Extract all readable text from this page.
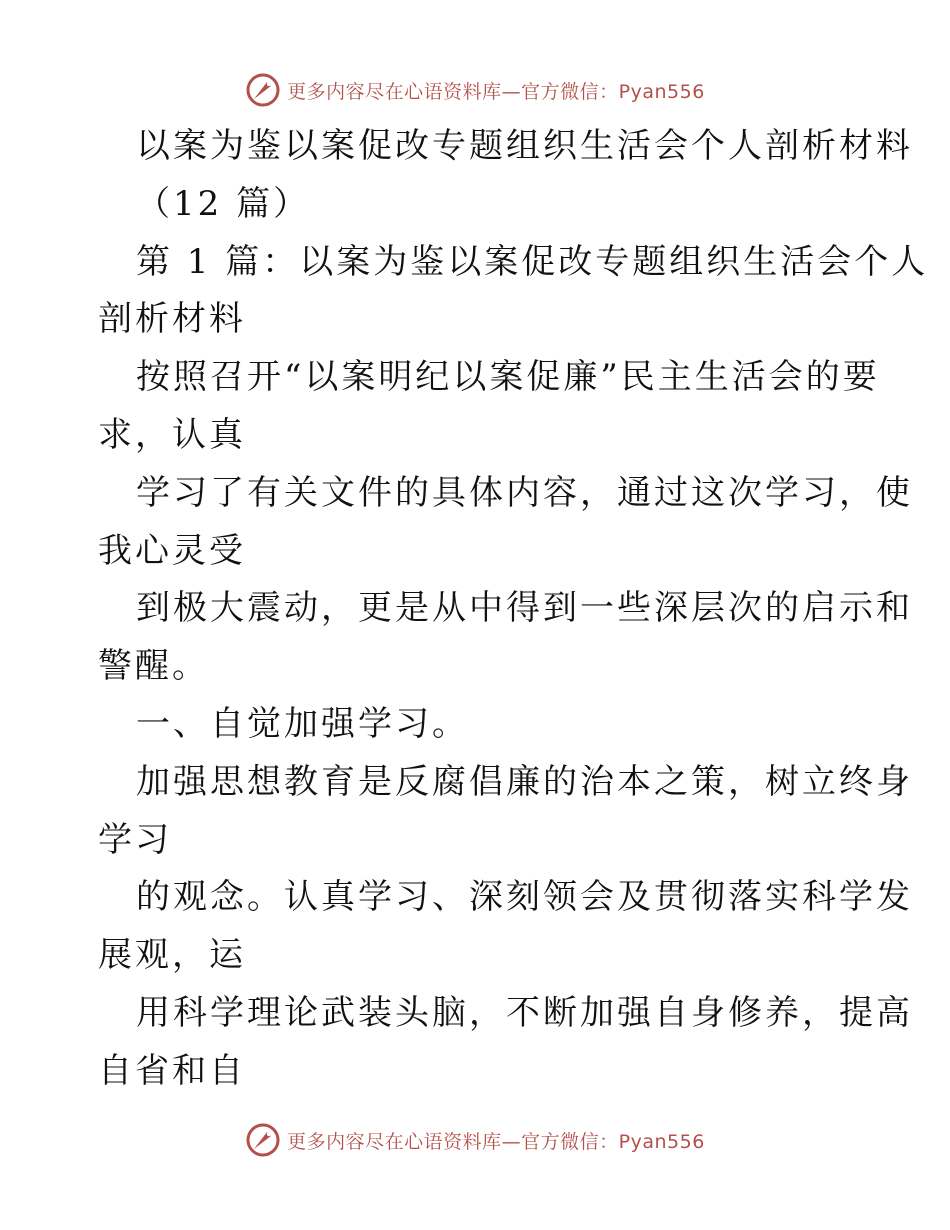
更多内容尽在心语资料库—官方微信：Pyan556
以案为鉴以案促改专题组织生活会个人剖析材料
（12 篇）
第 1 篇：以案为鉴以案促改专题组织生活会个人
剖析材料
按照召开“以案明纪以案促廉”民主生活会的要
求，认真
学习了有关文件的具体内容，通过这次学习，使
我心灵受
到极大震动，更是从中得到一些深层次的启示和
警醒。
一、自觉加强学习。
加强思想教育是反腐倡廉的治本之策，树立终身
学习
的观念。认真学习、深刻领会及贯彻落实科学发
展观，运
用科学理论武装头脑，不断加强自身修养，提高
自省和自
更多内容尽在心语资料库—官方微信：Pyan556
